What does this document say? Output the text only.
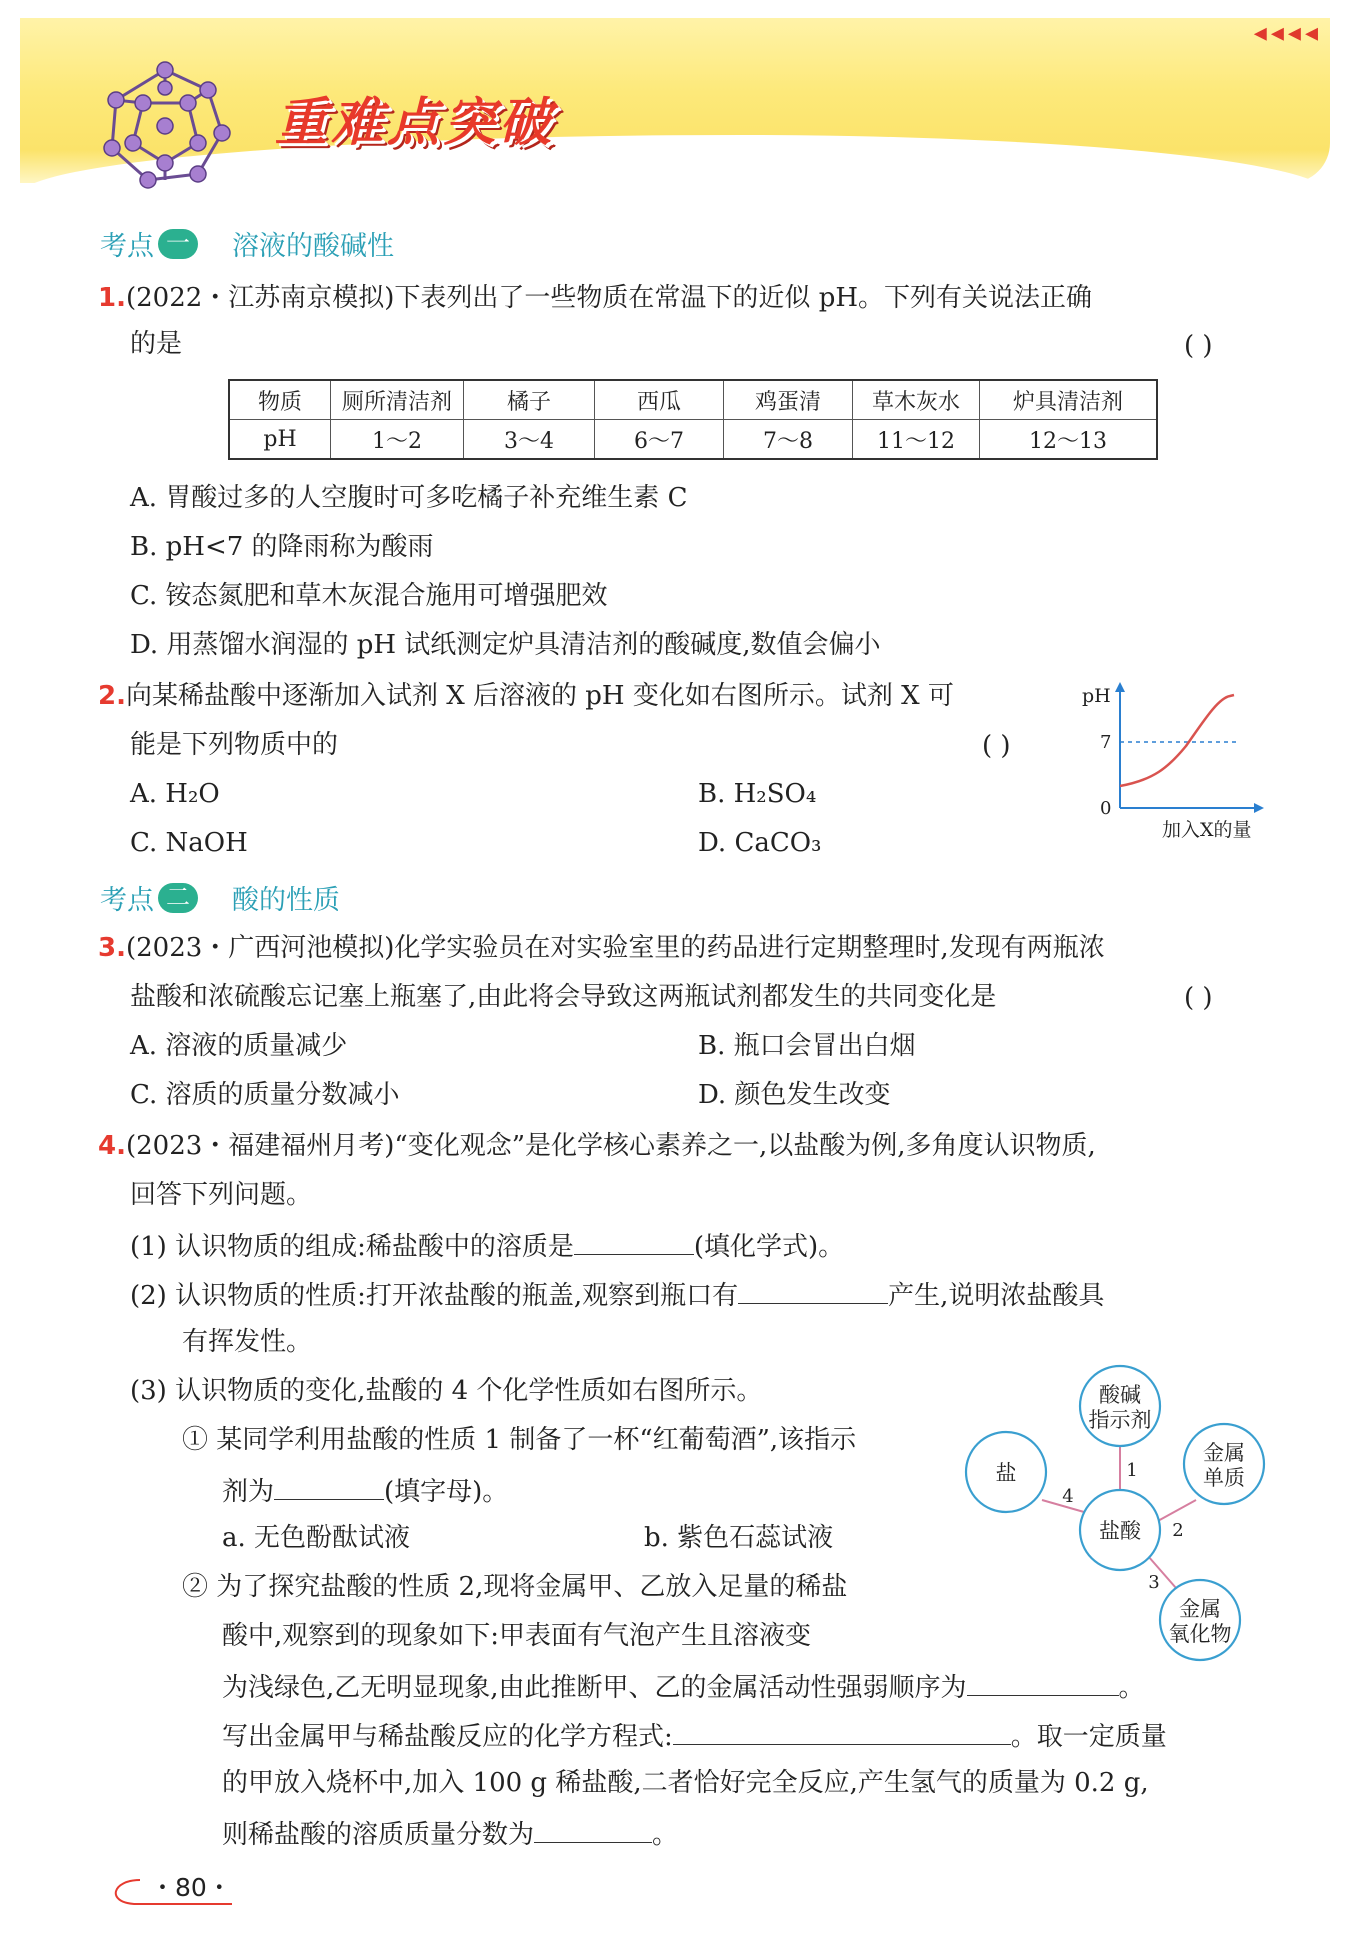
◂◂◂◂
重难点突破
考点 一 溶液的酸碱性
1.(2022・江苏南京模拟)下表列出了一些物质在常温下的近似 pH。下列有关说法正确
的是	( )
物质	厕所清洁剂	橘子	西瓜	鸡蛋清	草木灰水	炉具清洁剂
pH	1～2	3～4	6～7	7～8	11～12	12～13
A. 胃酸过多的人空腹时可多吃橘子补充维生素 C
B. pH<7 的降雨称为酸雨
C. 铵态氮肥和草木灰混合施用可增强肥效
D. 用蒸馏水润湿的 pH 试纸测定炉具清洁剂的酸碱度,数值会偏小
2.向某稀盐酸中逐渐加入试剂 X 后溶液的 pH 变化如右图所示。试剂 X 可
能是下列物质中的	( )
A. H₂O	B. H₂SO₄
C. NaOH	D. CaCO₃
pH
7
0
加入X的量
考点 二 酸的性质
3.(2023・广西河池模拟)化学实验员在对实验室里的药品进行定期整理时,发现有两瓶浓
盐酸和浓硫酸忘记塞上瓶塞了,由此将会导致这两瓶试剂都发生的共同变化是	( )
A. 溶液的质量减少	B. 瓶口会冒出白烟
C. 溶质的质量分数减小	D. 颜色发生改变
4.(2023・福建福州月考)“变化观念”是化学核心素养之一,以盐酸为例,多角度认识物质,
回答下列问题。
(1) 认识物质的组成:稀盐酸中的溶质是	(填化学式)。
(2) 认识物质的性质:打开浓盐酸的瓶盖,观察到瓶口有	产生,说明浓盐酸具
有挥发性。
(3) 认识物质的变化,盐酸的 4 个化学性质如右图所示。
① 某同学利用盐酸的性质 1 制备了一杯“红葡萄酒”,该指示
剂为	(填字母)。
a. 无色酚酞试液	b. 紫色石蕊试液
② 为了探究盐酸的性质 2,现将金属甲、乙放入足量的稀盐
酸中,观察到的现象如下:甲表面有气泡产生且溶液变
为浅绿色,乙无明显现象,由此推断甲、乙的金属活动性强弱顺序为	。
写出金属甲与稀盐酸反应的化学方程式:	。取一定质量
的甲放入烧杯中,加入 100 g 稀盐酸,二者恰好完全反应,产生氢气的质量为 0.2 g,
则稀盐酸的溶质质量分数为	。
酸碱
指示剂
金属
单质
金属
氧化物
盐
盐酸
1
2
3
4
・80・
